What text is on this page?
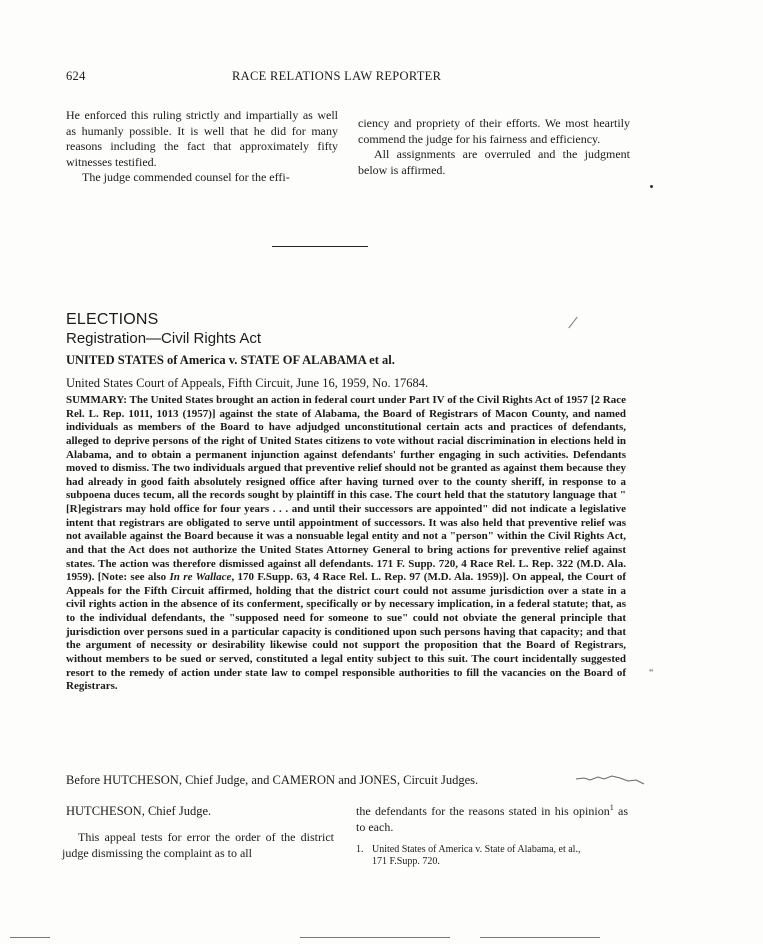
624	RACE RELATIONS LAW REPORTER

He enforced this ruling strictly and impartially as well as humanly possible. It is well that he did for many reasons including the fact that approximately fifty witnesses testified.

The judge commended counsel for the effi-

ciency and propriety of their efforts. We most heartily commend the judge for his fairness and efficiency.

All assignments are overruled and the judgment below is affirmed.

ELECTIONS
Registration—Civil Rights Act
UNITED STATES of America v. STATE OF ALABAMA et al.
United States Court of Appeals, Fifth Circuit, June 16, 1959, No. 17684.

SUMMARY: The United States brought an action in federal court under Part IV of the Civil Rights Act of 1957 [2 Race Rel. L. Rep. 1011, 1013 (1957)] against the state of Alabama, the Board of Registrars of Macon County, and named individuals as members of the Board to have adjudged unconstitutional certain acts and practices of defendants, alleged to deprive persons of the right of United States citizens to vote without racial discrimination in elections held in Alabama, and to obtain a permanent injunction against defendants' further engaging in such activities. Defendants moved to dismiss. The two individuals argued that preventive relief should not be granted as against them because they had already in good faith absolutely resigned office after having turned over to the county sheriff, in response to a subpoena duces tecum, all the records sought by plaintiff in this case. The court held that the statutory language that "[R]egistrars may hold office for four years . . . and until their successors are appointed" did not indicate a legislative intent that registrars are obligated to serve until appointment of successors. It was also held that preventive relief was not available against the Board because it was a nonsuable legal entity and not a "person" within the Civil Rights Act, and that the Act does not authorize the United States Attorney General to bring actions for preventive relief against states. The action was therefore dismissed against all defendants. 171 F. Supp. 720, 4 Race Rel. L. Rep. 322 (M.D. Ala. 1959). [Note: see also In re Wallace, 170 F.Supp. 63, 4 Race Rel. L. Rep. 97 (M.D. Ala. 1959)]. On appeal, the Court of Appeals for the Fifth Circuit affirmed, holding that the district court could not assume jurisdiction over a state in a civil rights action in the absence of its conferment, specifically or by necessary implication, in a federal statute; that, as to the individual defendants, the "supposed need for someone to sue" could not obviate the general principle that jurisdiction over persons sued in a particular capacity is conditioned upon such persons having that capacity; and that the argument of necessity or desirability likewise could not support the proposition that the Board of Registrars, without members to be sued or served, constituted a legal entity subject to this suit. The court incidentally suggested resort to the remedy of action under state law to compel responsible authorities to fill the vacancies on the Board of Registrars.

Before HUTCHESON, Chief Judge, and CAMERON and JONES, Circuit Judges.
HUTCHESON, Chief Judge.

This appeal tests for error the order of the district judge dismissing the complaint as to all

the defendants for the reasons stated in his opinion$^1$ as to each.

1. United States of America v. State of Alabama, et al.,
171 F.Supp. 720.
“
